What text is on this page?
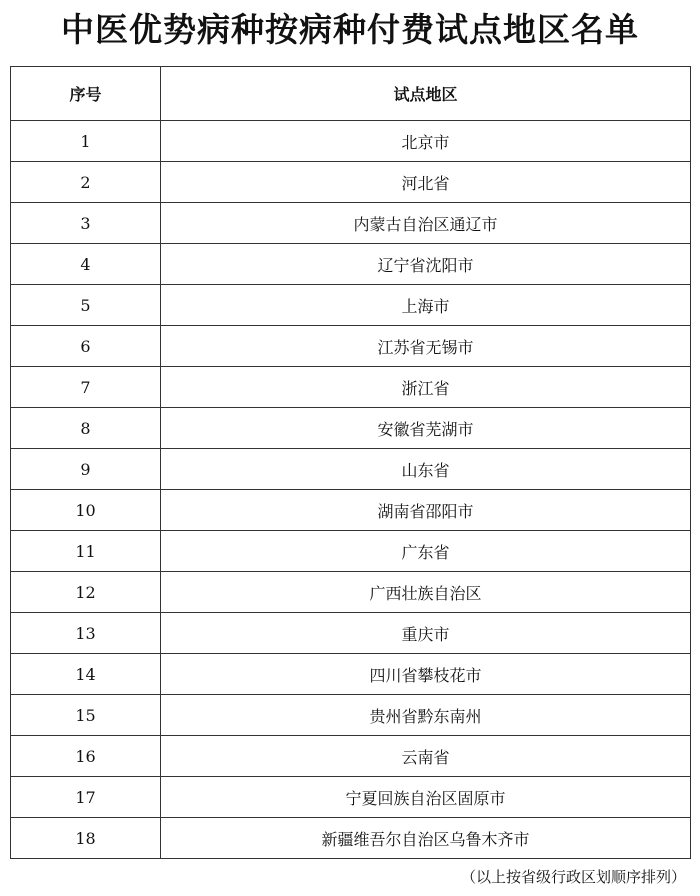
中医优势病种按病种付费试点地区名单
序号	试点地区
1	北京市
2	河北省
3	内蒙古自治区通辽市
4	辽宁省沈阳市
5	上海市
6	江苏省无锡市
7	浙江省
8	安徽省芜湖市
9	山东省
10	湖南省邵阳市
11	广东省
12	广西壮族自治区
13	重庆市
14	四川省攀枝花市
15	贵州省黔东南州
16	云南省
17	宁夏回族自治区固原市
18	新疆维吾尔自治区乌鲁木齐市
（以上按省级行政区划顺序排列）
